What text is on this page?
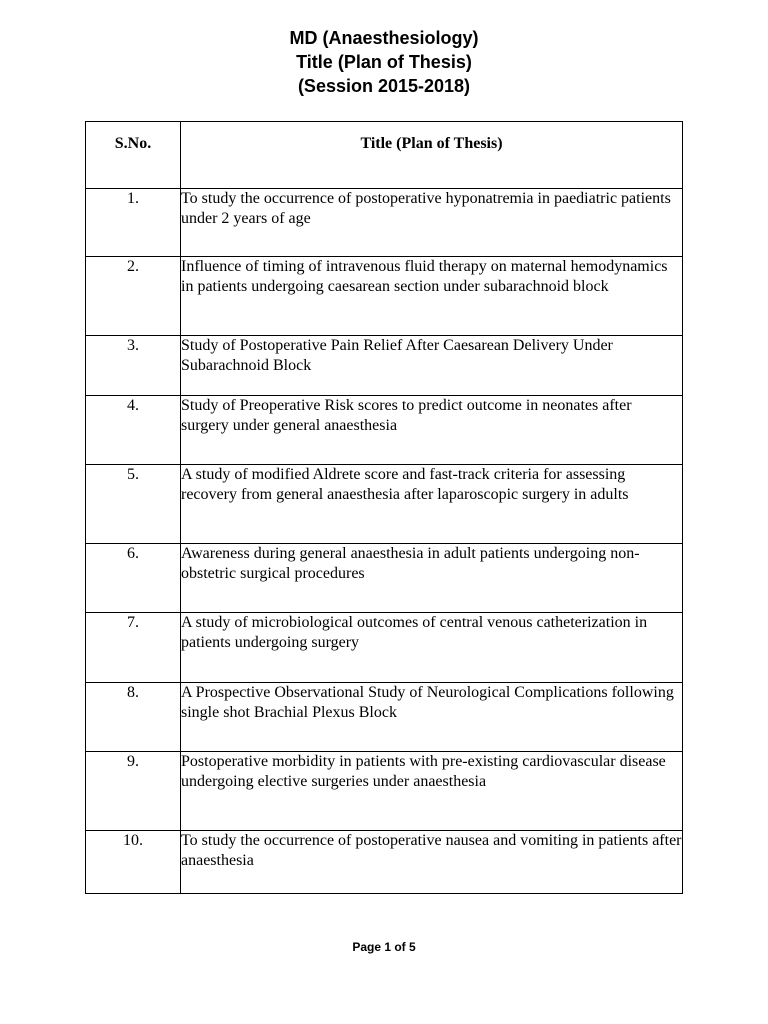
MD (Anaesthesiology)
Title (Plan of Thesis)
(Session 2015-2018)
S.No.	Title (Plan of Thesis)
1.	To study the occurrence of postoperative hyponatremia in paediatric patients under 2 years of age
2.	Influence of timing of intravenous fluid therapy on maternal hemodynamics in patients undergoing caesarean section under subarachnoid block
3.	Study of Postoperative Pain Relief After Caesarean Delivery Under Subarachnoid Block
4.	Study of Preoperative Risk scores to predict outcome in neonates after surgery under general anaesthesia
5.	A study of modified Aldrete score and fast-track criteria for assessing recovery from general anaesthesia after laparoscopic surgery in adults
6.	Awareness during general anaesthesia in adult patients undergoing non-obstetric surgical procedures
7.	A study of microbiological outcomes of central venous catheterization in patients undergoing surgery
8.	A Prospective Observational Study of Neurological Complications following single shot Brachial Plexus Block
9.	Postoperative morbidity in patients with pre-existing cardiovascular disease undergoing elective surgeries under anaesthesia
10.	To study the occurrence of postoperative nausea and vomiting in patients after anaesthesia
Page 1 of 5
